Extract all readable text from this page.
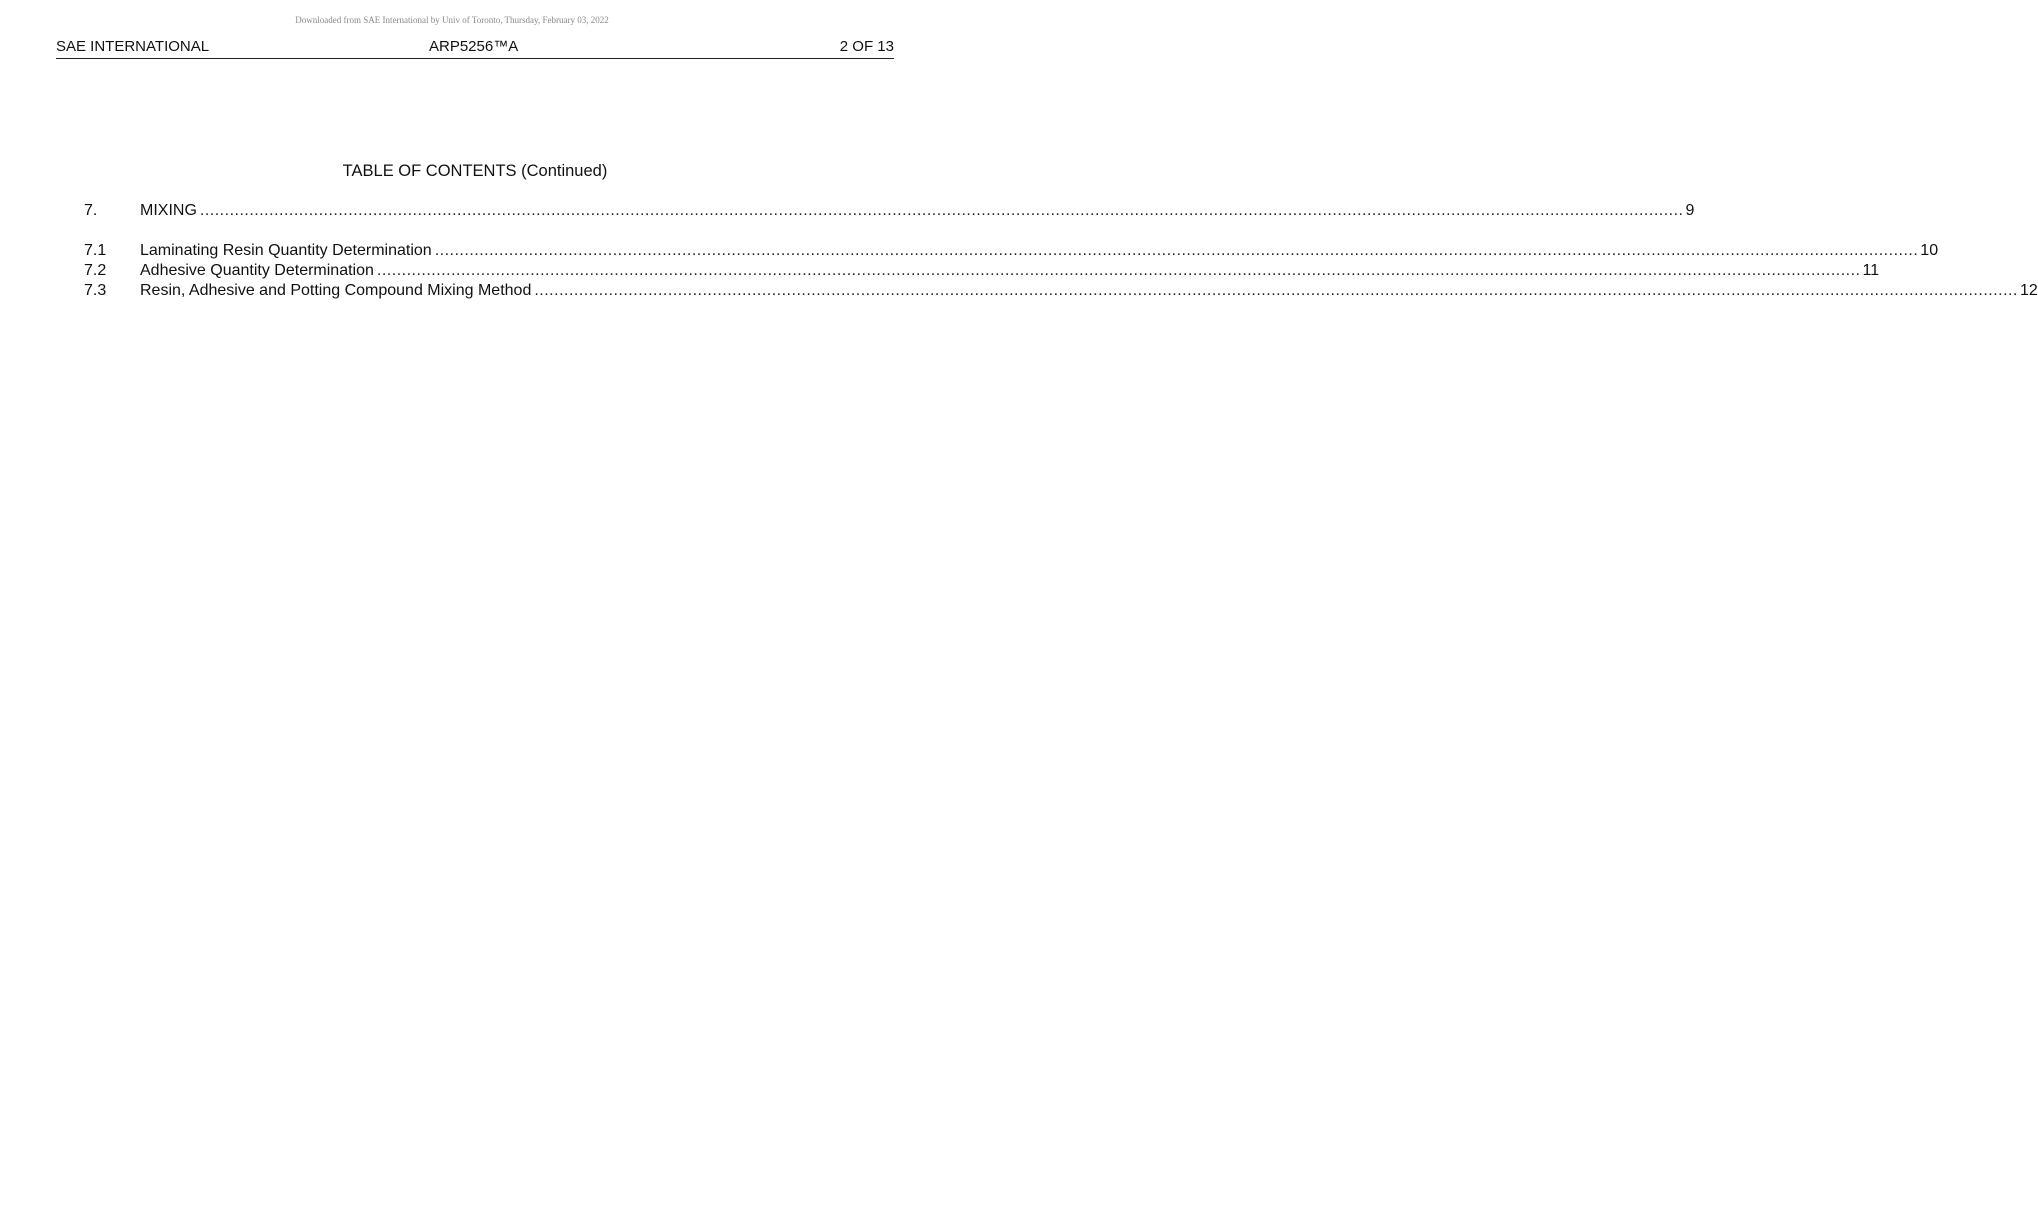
Downloaded from SAE International by Univ of Toronto, Thursday, February 03, 2022
SAE INTERNATIONAL	ARP5256™A	2 OF 13
TABLE OF CONTENTS (Continued)
7.	MIXING ............................................................................................................................................................................................................................................................................................................ 9
7.1	Laminating Resin Quantity Determination ............................................................................................................................................................................................................................................................................................................ 10
7.2	Adhesive Quantity Determination ............................................................................................................................................................................................................................................................................................................ 11
7.3	Resin, Adhesive and Potting Compound Mixing Method ............................................................................................................................................................................................................................................................................................................ 12
